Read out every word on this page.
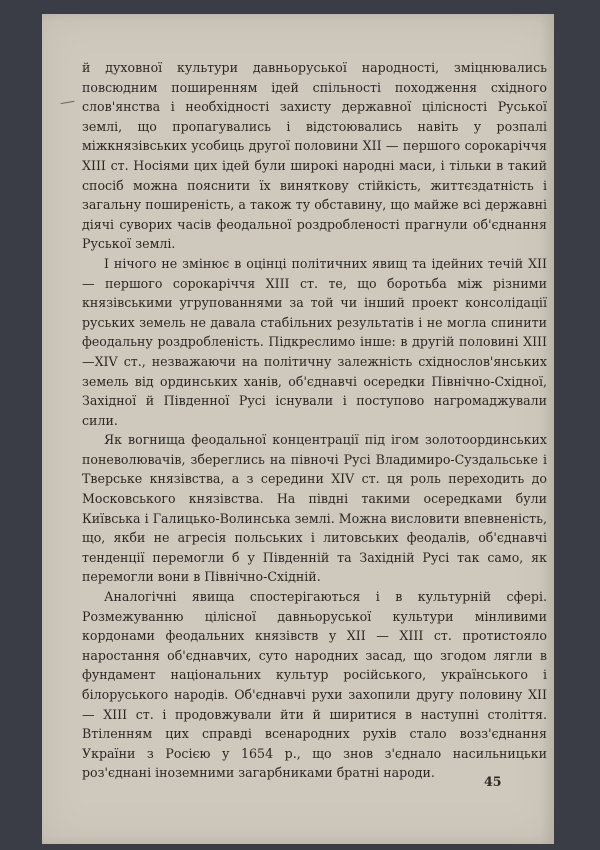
й духовної культури давньоруської народності, зміцнювались повсюдним поширенням ідей спільності походження східного слов'янства і необхідності захисту державної цілісності Руської землі, що пропагувались і відстоювались навіть у розпалі міжкнязівських усобиць другої половини XII — першого сорокаріччя XIII ст. Носіями цих ідей були широкі народні маси, і тільки в такий спосіб можна пояснити їх виняткову стійкість, життєздатність і загальну поширеність, а також ту обставину, що майже всі державні діячі суворих часів феодальної роздробленості прагнули об'єднання Руської землі.

І нічого не змінює в оцінці політичних явищ та ідейних течій XII — першого сорокаріччя XIII ст. те, що боротьба між різними князівськими угрупованнями за той чи інший проект консолідації руських земель не давала стабільних результатів і не могла спинити феодальну роздробленість. Підкреслимо інше: в другій половині XIII—XIV ст., незважаючи на політичну залежність східнослов'янських земель від ординських ханів, об'єднавчі осередки Північно-Східної, Західної й Південної Русі існували і поступово нагромаджували сили.

Як вогнища феодальної концентрації під ігом золотоординських поневолювачів, збереглись на півночі Русі Владимиро-Суздальське і Тверське князівства, а з середини XIV ст. ця роль переходить до Московського князівства. На півдні такими осередками були Київська і Галицько-Волинська землі. Можна висловити впевненість, що, якби не агресія польських і литовських феодалів, об'єднавчі тенденції перемогли б у Південній та Західній Русі так само, як перемогли вони в Північно-Східній.

Аналогічні явища спостерігаються і в культурній сфері. Розмежуванню цілісної давньоруської культури мінливими кордонами феодальних князівств у XII — XIII ст. протистояло наростання об'єднавчих, суто народних засад, що згодом лягли в фундамент національних культур російського, українського і білоруського народів. Об'єднавчі рухи захопили другу половину XII — XIII ст. і продовжували йти й ширитися в наступні століття. Втіленням цих справді всенародних рухів стало возз'єднання України з Росією у 1654 р., що знов з'єднало насильницьки роз'єднані іноземними загарбниками братні народи.

45
